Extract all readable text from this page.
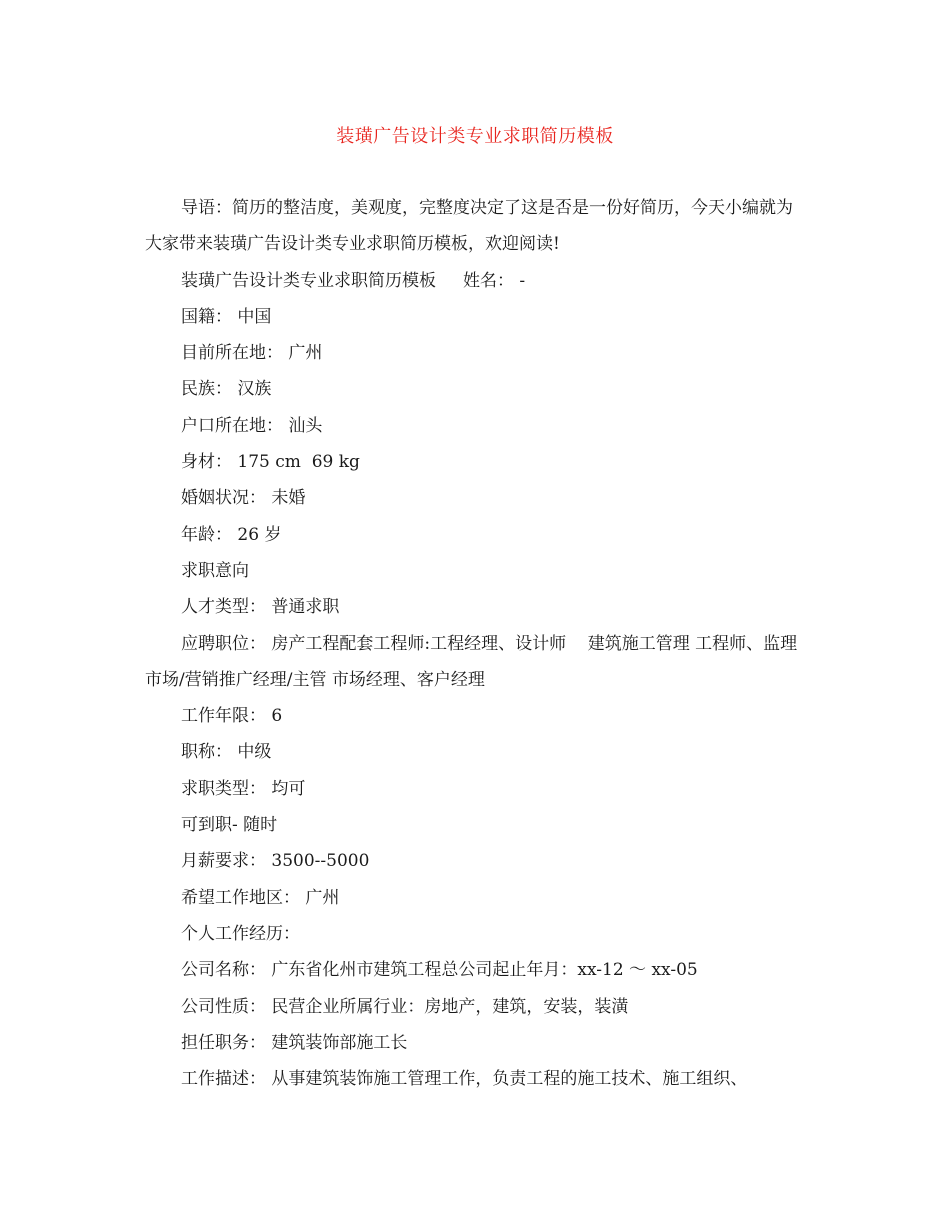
装璜广告设计类专业求职简历模板

导语：简历的整洁度，美观度，完整度决定了这是否是一份好简历，今天小编就为大家带来装璜广告设计类专业求职简历模板，欢迎阅读!

装璜广告设计类专业求职简历模板     姓名： -

国籍： 中国

目前所在地： 广州

民族： 汉族

户口所在地： 汕头

身材： 175 cm  69 kg

婚姻状况： 未婚

年龄： 26 岁

求职意向

人才类型： 普通求职

应聘职位： 房产工程配套工程师:工程经理、设计师    建筑施工管理 工程师、监理    市场/营销推广经理/主管 市场经理、客户经理

工作年限： 6

职称： 中级

求职类型： 均可

可到职- 随时

月薪要求： 3500--5000

希望工作地区： 广州

个人工作经历：

公司名称： 广东省化州市建筑工程总公司起止年月：xx-12 ～ xx-05

公司性质： 民营企业所属行业：房地产，建筑，安装，装潢

担任职务： 建筑装饰部施工长

工作描述： 从事建筑装饰施工管理工作，负责工程的施工技术、施工组织、
